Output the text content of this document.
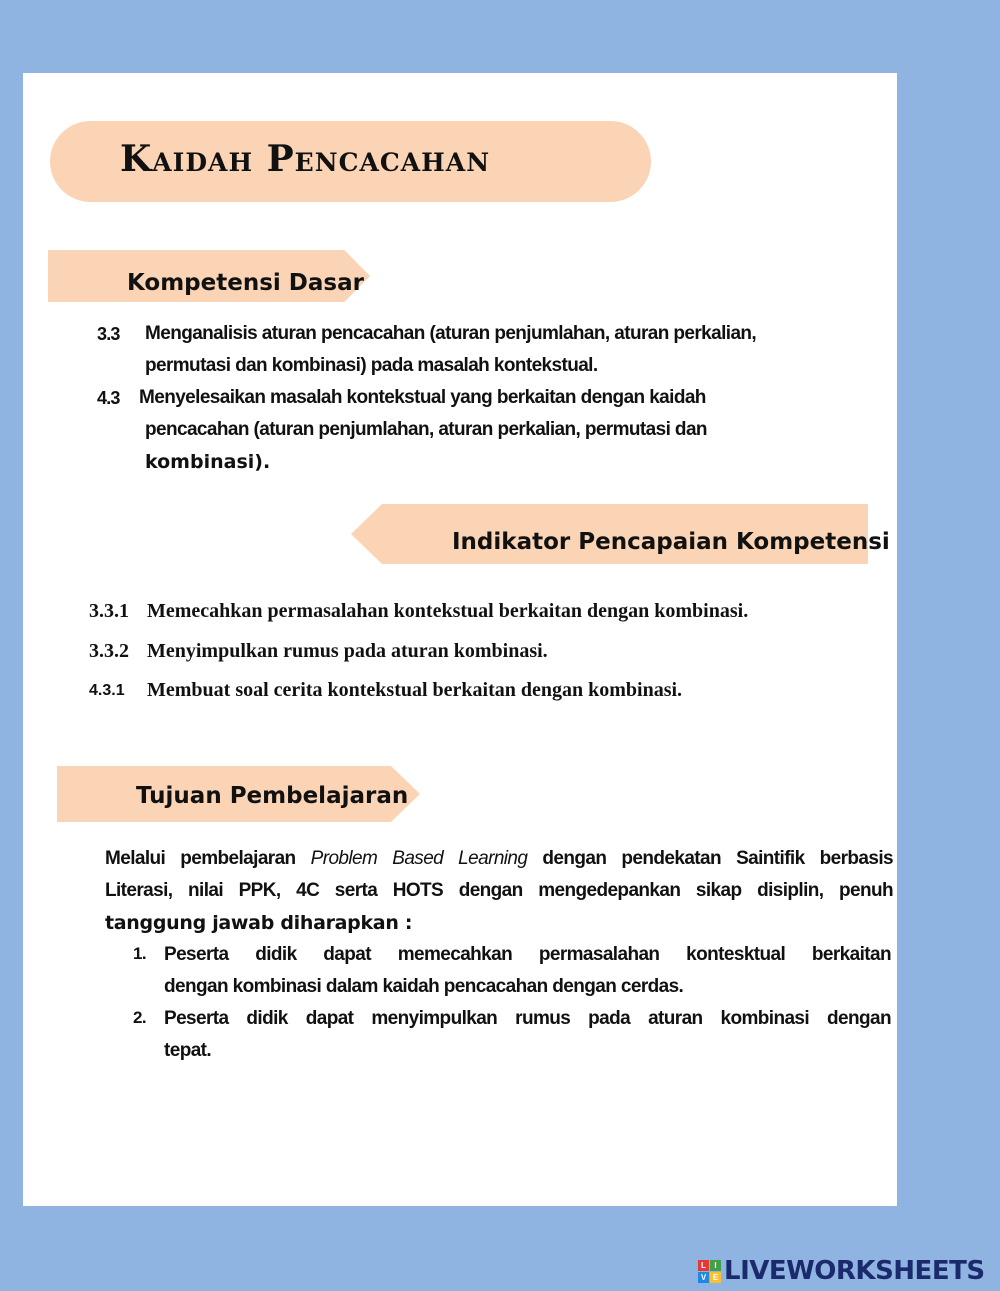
Kaidah Pencacahan
Kompetensi Dasar
3.3 Menganalisis aturan pencacahan (aturan penjumlahan, aturan perkalian,
permutasi dan kombinasi) pada masalah kontekstual.
4.3 Menyelesaikan masalah kontekstual yang berkaitan dengan kaidah
pencacahan (aturan penjumlahan, aturan perkalian, permutasi dan
kombinasi).
Indikator Pencapaian Kompetensi
3.3.1 Memecahkan permasalahan kontekstual berkaitan dengan kombinasi.
3.3.2 Menyimpulkan rumus pada aturan kombinasi.
4.3.1 Membuat soal cerita kontekstual berkaitan dengan kombinasi.
Tujuan Pembelajaran
Melalui pembelajaran Problem Based Learning dengan pendekatan Saintifik berbasis
Literasi, nilai PPK, 4C serta HOTS dengan mengedepankan sikap disiplin, penuh
tanggung jawab diharapkan :
1. Peserta didik dapat memecahkan permasalahan kontesktual berkaitan
dengan kombinasi dalam kaidah pencacahan dengan cerdas.
2. Peserta didik dapat menyimpulkan rumus pada aturan kombinasi dengan
tepat.
L	I
V E LIVEWORKSHEETS
